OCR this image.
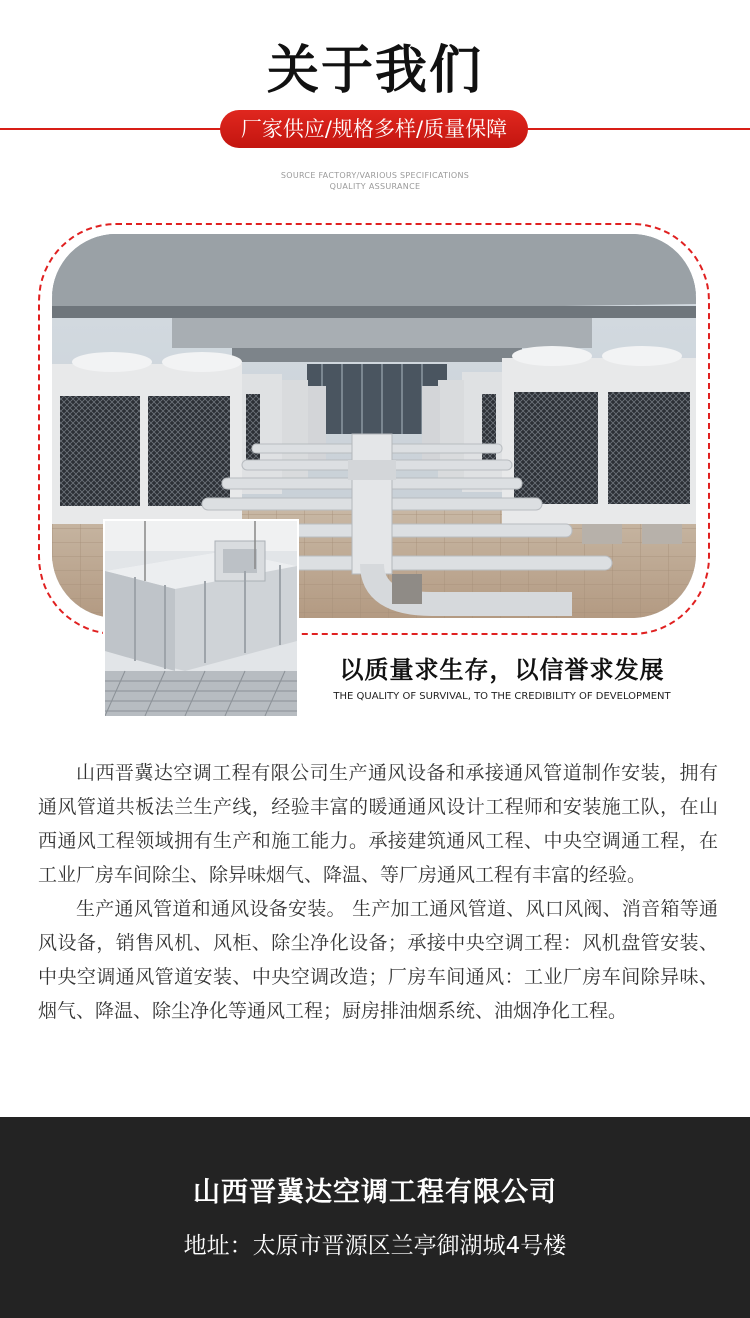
关于我们
厂家供应/规格多样/质量保障
SOURCE FACTORY/VARIOUS SPECIFICATIONS
QUALITY ASSURANCE
以质量求生存，以信誉求发展
THE QUALITY OF SURVIVAL, TO THE CREDIBILITY OF DEVELOPMENT

山西晋冀达空调工程有限公司生产通风设备和承接通风管道制作安装，拥有通风管道共板法兰生产线，经验丰富的暖通通风设计工程师和安装施工队，在山西通风工程领域拥有生产和施工能力。承接建筑通风工程、中央空调通工程，在工业厂房车间除尘、除异味烟气、降温、等厂房通风工程有丰富的经验。

生产通风管道和通风设备安装。 生产加工通风管道、风口风阀、消音箱等通风设备，销售风机、风柜、除尘净化设备；承接中央空调工程：风机盘管安装、中央空调通风管道安装、中央空调改造；厂房车间通风：工业厂房车间除异味、烟气、降温、除尘净化等通风工程；厨房排油烟系统、油烟净化工程。

山西晋冀达空调工程有限公司
地址：太原市晋源区兰亭御湖城4号楼
